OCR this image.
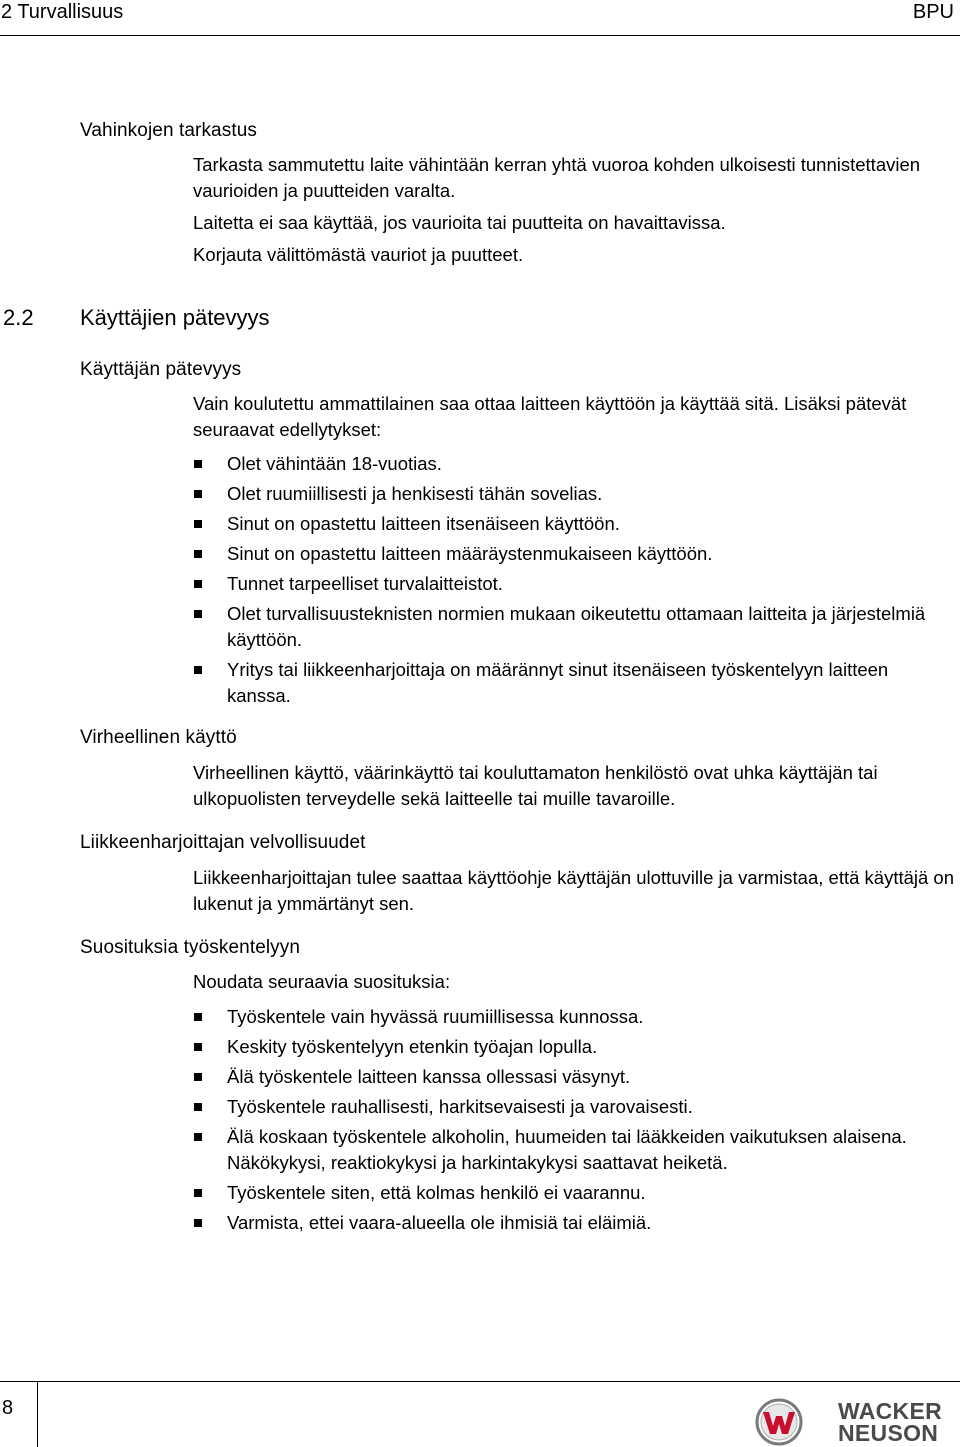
2 Turvallisuus	BPU
Vahinkojen tarkastus

Tarkasta sammutettu laite vähintään kerran yhtä vuoroa kohden ulkoisesti tunnistettavien vaurioiden ja puutteiden varalta.

Laitetta ei saa käyttää, jos vaurioita tai puutteita on havaittavissa.

Korjauta välittömästä vauriot ja puutteet.

2.2 Käyttäjien pätevyys
Käyttäjän pätevyys
Vain koulutettu ammattilainen saa ottaa laitteen käyttöön ja käyttää sitä. Lisäksi pätevät seuraavat edellytykset:
Olet vähintään 18-vuotias.
Olet ruumiillisesti ja henkisesti tähän sovelias.
Sinut on opastettu laitteen itsenäiseen käyttöön.
Sinut on opastettu laitteen määräystenmukaiseen käyttöön.
Tunnet tarpeelliset turvalaitteistot.
Olet turvallisuusteknisten normien mukaan oikeutettu ottamaan laitteita ja järjestelmiä käyttöön.
Yritys tai liikkeenharjoittaja on määrännyt sinut itsenäiseen työskentelyyn laitteen kanssa.
Virheellinen käyttö
Virheellinen käyttö, väärinkäyttö tai kouluttamaton henkilöstö ovat uhka käyttäjän tai ulkopuolisten terveydelle sekä laitteelle tai muille tavaroille.
Liikkeenharjoittajan velvollisuudet
Liikkeenharjoittajan tulee saattaa käyttöohje käyttäjän ulottuville ja varmistaa, että käyttäjä on lukenut ja ymmärtänyt sen.
Suosituksia työskentelyyn
Noudata seuraavia suosituksia:
Työskentele vain hyvässä ruumiillisessa kunnossa.
Keskity työskentelyyn etenkin työajan lopulla.
Älä työskentele laitteen kanssa ollessasi väsynyt.
Työskentele rauhallisesti, harkitsevaisesti ja varovaisesti.
Älä koskaan työskentele alkoholin, huumeiden tai lääkkeiden vaikutuksen alaisena. Näkökykysi, reaktiokykysi ja harkintakykysi saattavat heiketä.
Työskentele siten, että kolmas henkilö ei vaarannu.
Varmista, ettei vaara-alueella ole ihmisiä tai eläimiä.
8	WACKER
NEUSON
